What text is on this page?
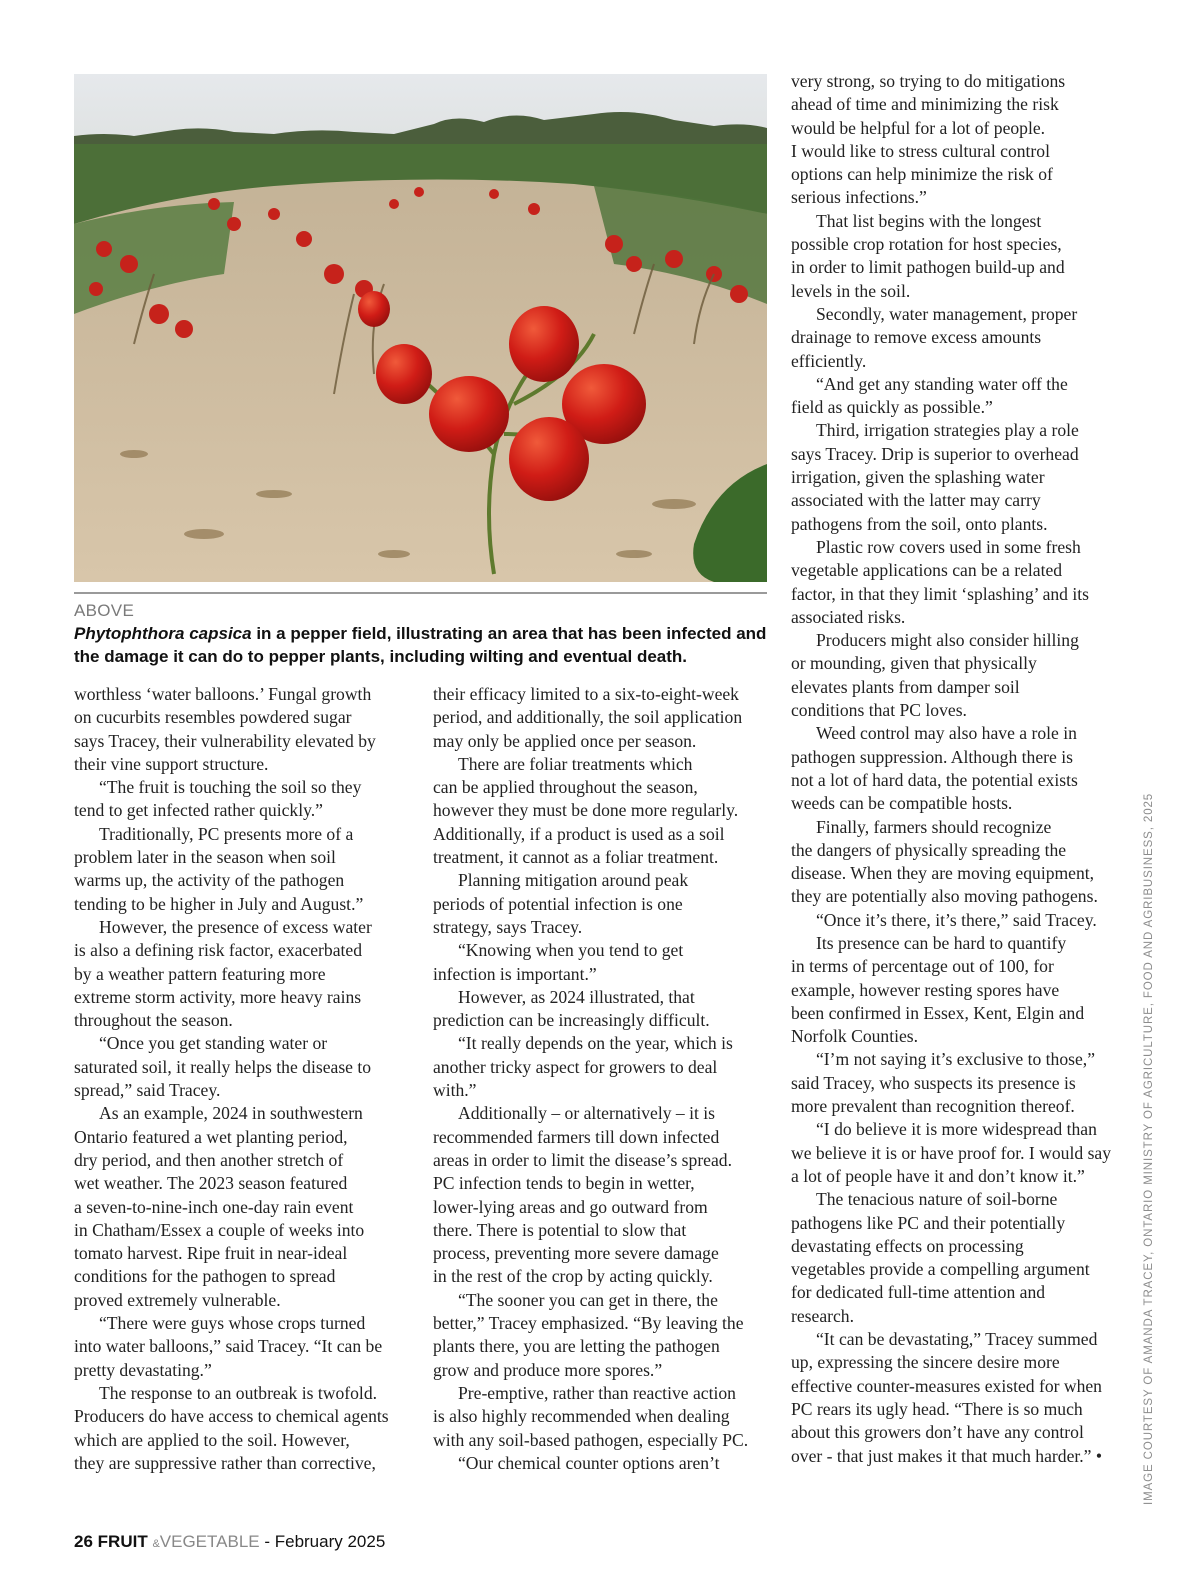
ABOVE
Phytophthora capsica in a pepper field, illustrating an area that has been infected and
the damage it can do to pepper plants, including wilting and eventual death.

worthless ‘water balloons.’ Fungal growth

on cucurbits resembles powdered sugar

says Tracey, their vulnerability elevated by

their vine support structure.

“The fruit is touching the soil so they

tend to get infected rather quickly.”

Traditionally, PC presents more of a

problem later in the season when soil

warms up, the activity of the pathogen

tending to be higher in July and August.”

However, the presence of excess water

is also a defining risk factor, exacerbated

by a weather pattern featuring more

extreme storm activity, more heavy rains

throughout the season.

“Once you get standing water or

saturated soil, it really helps the disease to

spread,” said Tracey.

As an example, 2024 in southwestern

Ontario featured a wet planting period,

dry period, and then another stretch of

wet weather. The 2023 season featured

a seven-to-nine-inch one-day rain event

in Chatham/Essex a couple of weeks into

tomato harvest. Ripe fruit in near-ideal

conditions for the pathogen to spread

proved extremely vulnerable.

“There were guys whose crops turned

into water balloons,” said Tracey. “It can be

pretty devastating.”

The response to an outbreak is twofold.

Producers do have access to chemical agents

which are applied to the soil. However,

they are suppressive rather than corrective,

their efficacy limited to a six-to-eight-week

period, and additionally, the soil application

may only be applied once per season.

There are foliar treatments which

can be applied throughout the season,

however they must be done more regularly.

Additionally, if a product is used as a soil

treatment, it cannot as a foliar treatment.

Planning mitigation around peak

periods of potential infection is one

strategy, says Tracey.

“Knowing when you tend to get

infection is important.”

However, as 2024 illustrated, that

prediction can be increasingly difficult.

“It really depends on the year, which is

another tricky aspect for growers to deal

with.”

Additionally – or alternatively – it is

recommended farmers till down infected

areas in order to limit the disease’s spread.

PC infection tends to begin in wetter,

lower-lying areas and go outward from

there. There is potential to slow that

process, preventing more severe damage

in the rest of the crop by acting quickly.

“The sooner you can get in there, the

better,” Tracey emphasized. “By leaving the

plants there, you are letting the pathogen

grow and produce more spores.”

Pre-emptive, rather than reactive action

is also highly recommended when dealing

with any soil-based pathogen, especially PC.

“Our chemical counter options aren’t

very strong, so trying to do mitigations

ahead of time and minimizing the risk

would be helpful for a lot of people.

I would like to stress cultural control

options can help minimize the risk of

serious infections.”

That list begins with the longest

possible crop rotation for host species,

in order to limit pathogen build-up and

levels in the soil.

Secondly, water management, proper

drainage to remove excess amounts

efficiently.

“And get any standing water off the

field as quickly as possible.”

Third, irrigation strategies play a role

says Tracey. Drip is superior to overhead

irrigation, given the splashing water

associated with the latter may carry

pathogens from the soil, onto plants.

Plastic row covers used in some fresh

vegetable applications can be a related

factor, in that they limit ‘splashing’ and its

associated risks.

Producers might also consider hilling

or mounding, given that physically

elevates plants from damper soil

conditions that PC loves.

Weed control may also have a role in

pathogen suppression. Although there is

not a lot of hard data, the potential exists

weeds can be compatible hosts.

Finally, farmers should recognize

the dangers of physically spreading the

disease. When they are moving equipment,

they are potentially also moving pathogens.

“Once it’s there, it’s there,” said Tracey.

Its presence can be hard to quantify

in terms of percentage out of 100, for

example, however resting spores have

been confirmed in Essex, Kent, Elgin and

Norfolk Counties.

“I’m not saying it’s exclusive to those,”

said Tracey, who suspects its presence is

more prevalent than recognition thereof.

“I do believe it is more widespread than

we believe it is or have proof for. I would say

a lot of people have it and don’t know it.”

The tenacious nature of soil-borne

pathogens like PC and their potentially

devastating effects on processing

vegetables provide a compelling argument

for dedicated full-time attention and

research.

“It can be devastating,” Tracey summed

up, expressing the sincere desire more

effective counter-measures existed for when

PC rears its ugly head. “There is so much

about this growers don’t have any control

over - that just makes it that much harder.” •

26 FRUIT &VEGETABLE - February 2025
IMAGE COURTESY OF AMANDA TRACEY, ONTARIO MINISTRY OF AGRICULTURE, FOOD AND AGRIBUSINESS, 2025
